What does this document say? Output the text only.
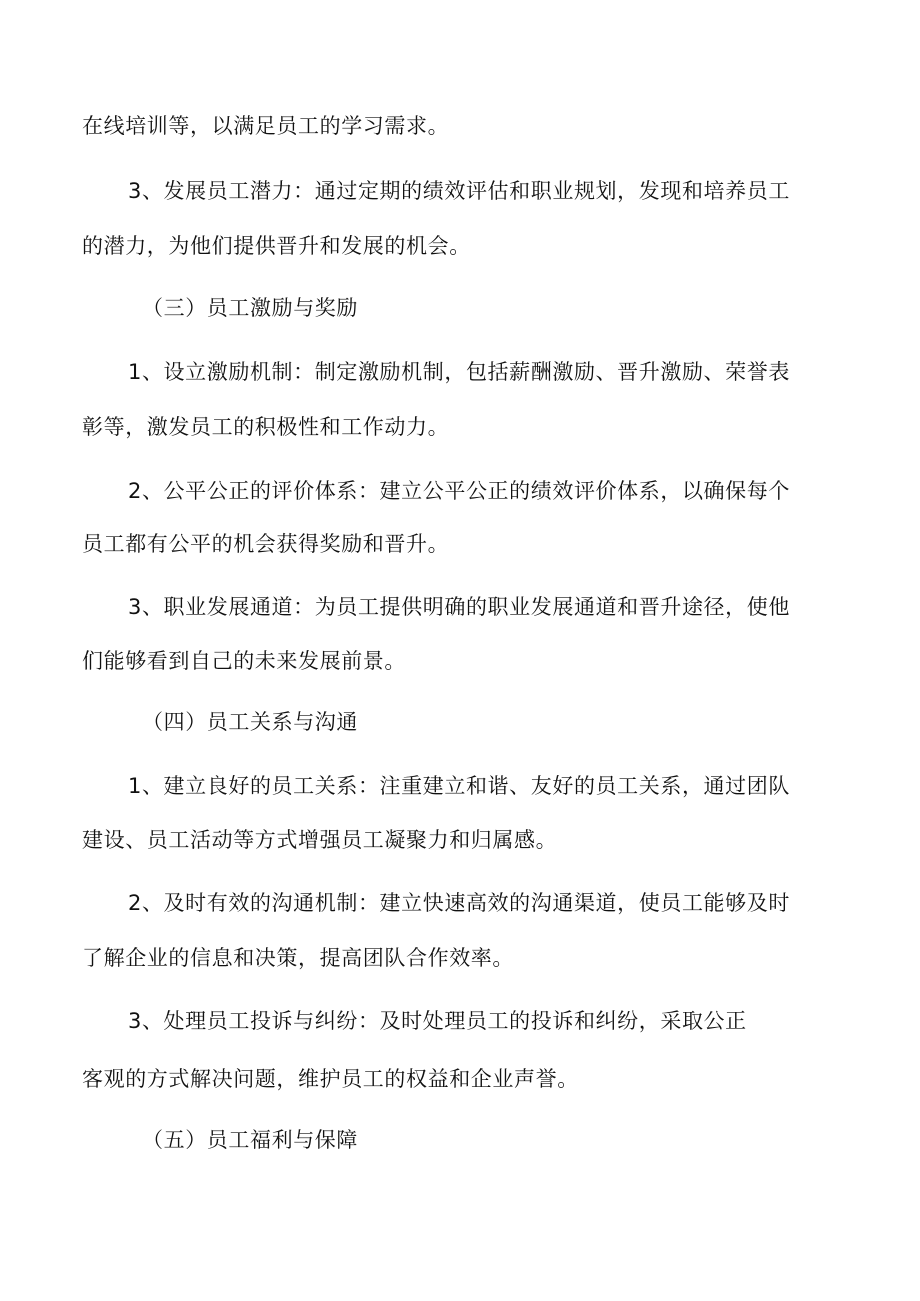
在线培训等，以满足员工的学习需求。
3、发展员工潜力：通过定期的绩效评估和职业规划，发现和培养员工
的潜力，为他们提供晋升和发展的机会。
（三）员工激励与奖励
1、设立激励机制：制定激励机制，包括薪酬激励、晋升激励、荣誉表
彰等，激发员工的积极性和工作动力。
2、公平公正的评价体系：建立公平公正的绩效评价体系，以确保每个
员工都有公平的机会获得奖励和晋升。
3、职业发展通道：为员工提供明确的职业发展通道和晋升途径，使他
们能够看到自己的未来发展前景。
（四）员工关系与沟通
1、建立良好的员工关系：注重建立和谐、友好的员工关系，通过团队
建设、员工活动等方式增强员工凝聚力和归属感。
2、及时有效的沟通机制：建立快速高效的沟通渠道，使员工能够及时
了解企业的信息和决策，提高团队合作效率。
3、处理员工投诉与纠纷：及时处理员工的投诉和纠纷，采取公正
客观的方式解决问题，维护员工的权益和企业声誉。
（五）员工福利与保障
